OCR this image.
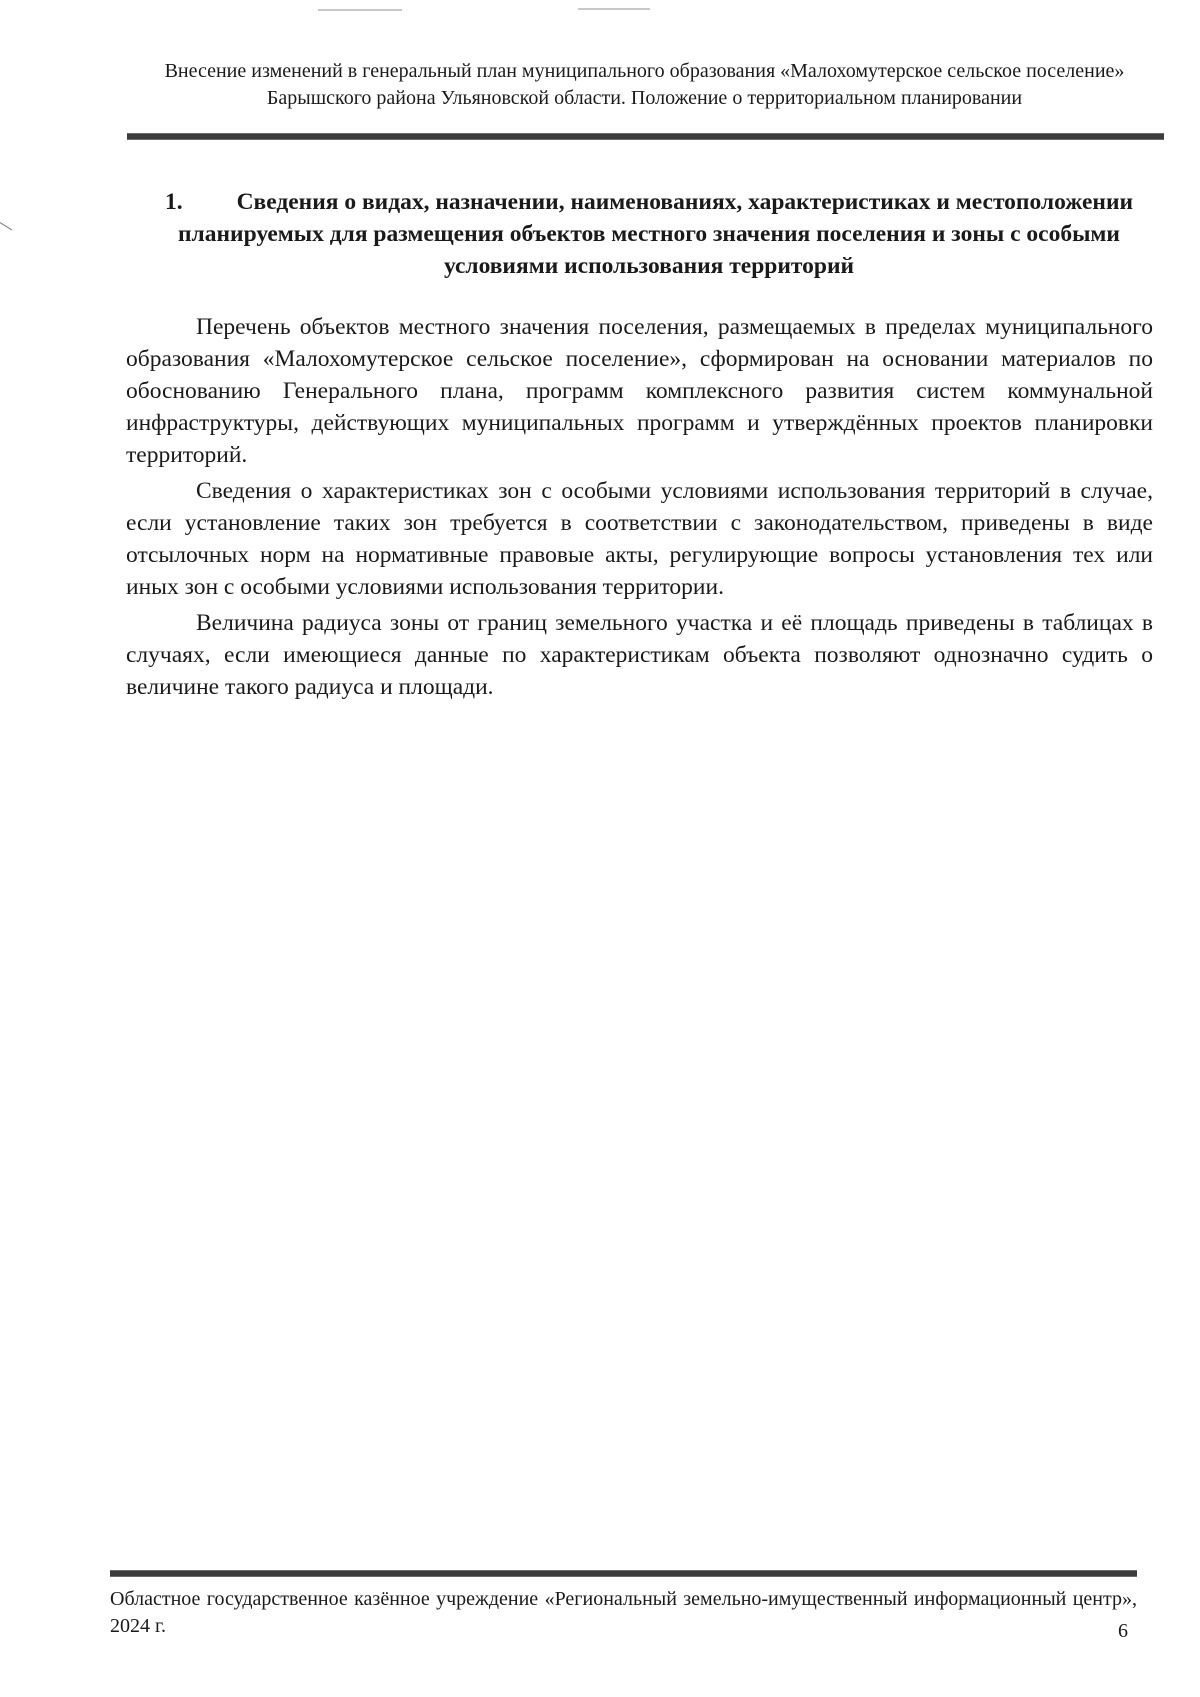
Внесение изменений в генеральный план муниципального образования «Малохомутерское сельское поселение» Барышского района Ульяновской области. Положение о территориальном планировании
1. Сведения о видах, назначении, наименованиях, характеристиках и местоположении планируемых для размещения объектов местного значения поселения и зоны с особыми условиями использования территорий

Перечень объектов местного значения поселения, размещаемых в пределах муниципального образования «Малохомутерское сельское поселение», сформирован на основании материалов по обоснованию Генерального плана, программ комплексного развития систем коммунальной инфраструктуры, действующих муниципальных программ и утверждённых проектов планировки территорий.

Сведения о характеристиках зон с особыми условиями использования территорий в случае, если установление таких зон требуется в соответствии с законодательством, приведены в виде отсылочных норм на нормативные правовые акты, регулирующие вопросы установления тех или иных зон с особыми условиями использования территории.

Величина радиуса зоны от границ земельного участка и её площадь приведены в таблицах в случаях, если имеющиеся данные по характеристикам объекта позволяют однозначно судить о величине такого радиуса и площади.

Областное государственное казённое учреждение «Региональный земельно-имущественный информационный центр», 2024 г.	6
